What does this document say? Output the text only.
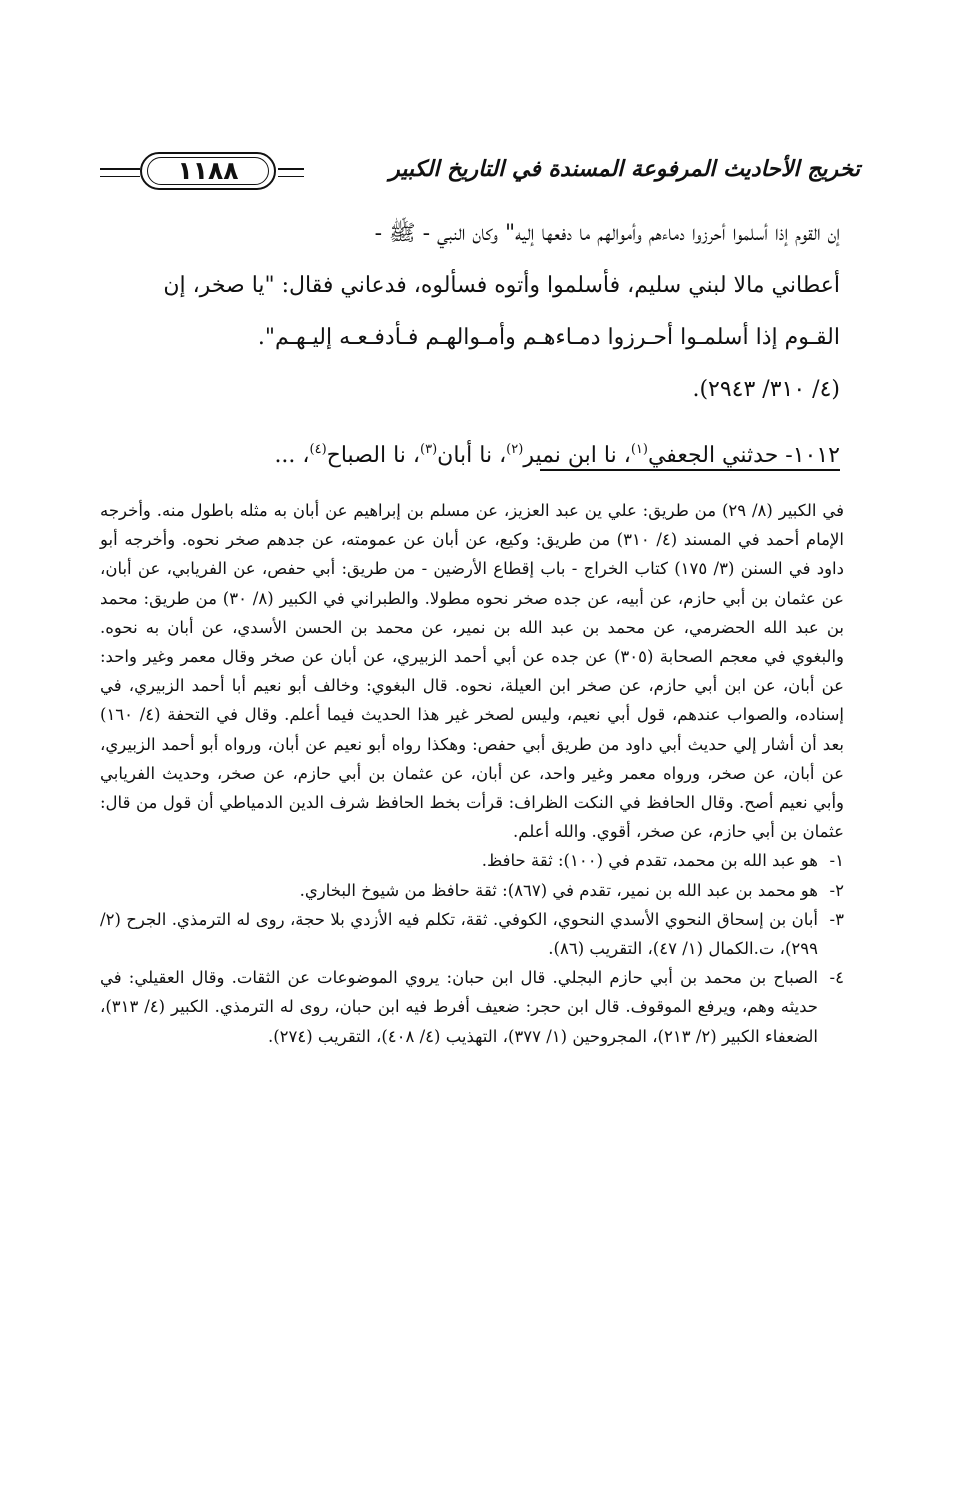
١١٨٨	تخريج الأحاديث المرفوعة المسندة في التاريخ الكبير
إن القوم إذا أسلموا أحرزوا دماءهم وأموالهم ما دفعها إليه" وكان النبي - ﷺ -
أعطاني مالا لبني سليم، فأسلموا وأتوه فسألوه، فدعاني فقال: "يا صخر، إن
القـوم إذا أسلمـوا أحـرزوا دمـاءهـم وأمـوالهـم فـأدفـعـه إليـهـم".
(٤/ ٣١٠/ ٢٩٤٣).
١٠١٢- حدثني الجعفي$^{(١)}$، نا ابن نمير$^{(٢)}$، نا أبان$^{(٣)}$، نا الصباح$^{(٤)}$، ...

في الكبير (٨/ ٢٩) من طريق: علي ين عبد العزيز، عن مسلم بن إبراهيم عن أبان به مثله باطول منه. وأخرجه الإمام أحمد في المسند (٤/ ٣١٠) من طريق: وكيع، عن أبان عن عمومته، عن جدهم صخر نحوه. وأخرجه أبو داود في السنن (٣/ ١٧٥) كتاب الخراج - باب إقطاع الأرضين - من طريق: أبي حفص، عن الفريابي، عن أبان، عن عثمان بن أبي حازم، عن أبيه، عن جده صخر نحوه مطولا. والطبراني في الكبير (٨/ ٣٠) من طريق: محمد بن عبد الله الحضرمي، عن محمد بن عبد الله بن نمير، عن محمد بن الحسن الأسدي، عن أبان به نحوه. والبغوي في معجم الصحابة (٣٠٥) عن جده عن أبي أحمد الزبيري، عن أبان عن صخر وقال معمر وغير واحد: عن أبان، عن ابن أبي حازم، عن صخر ابن العيلة، نحوه. قال البغوي: وخالف أبو نعيم أبا أحمد الزبيري، في إسناده، والصواب عندهم، قول أبي نعيم، وليس لصخر غير هذا الحديث فيما أعلم. وقال في التحفة (٤/ ١٦٠) بعد أن أشار إلي حديث أبي داود من طريق أبي حفص: وهكذا رواه أبو نعيم عن أبان، ورواه أبو أحمد الزبيري، عن أبان، عن صخر، ورواه معمر وغير واحد، عن أبان، عن عثمان بن أبي حازم، عن صخر، وحديث الفريابي وأبي نعيم أصح. وقال الحافظ في النكت الظراف: قرأت بخط الحافظ شرف الدين الدمياطي أن قول من قال: عثمان بن أبي حازم، عن صخر، أقوي. والله أعلم.

١-
هو عبد الله بن محمد، تقدم في (١٠٠): ثقة حافظ.
٢-
هو محمد بن عبد الله بن نمير، تقدم في (٨٦٧): ثقة حافظ من شيوخ البخاري.
٣-
أبان بن إسحاق النحوي الأسدي النحوي، الكوفي. ثقة، تكلم فيه الأزدي بلا حجة، روى له الترمذي. الجرح (٢/ ٢٩٩)، ت.الكمال (١/ ٤٧)، التقريب (٨٦).
٤-
الصباح بن محمد بن أبي حازم البجلي. قال ابن حبان: يروي الموضوعات عن الثقات. وقال العقيلي: في حديثه وهم، ويرفع الموقوف. قال ابن حجر: ضعيف أفرط فيه ابن حبان، روى له الترمذي. الكبير (٤/ ٣١٣)، الضعفاء الكبير (٢/ ٢١٣)، المجروحين (١/ ٣٧٧)، التهذيب (٤/ ٤٠٨)، التقريب (٢٧٤).
